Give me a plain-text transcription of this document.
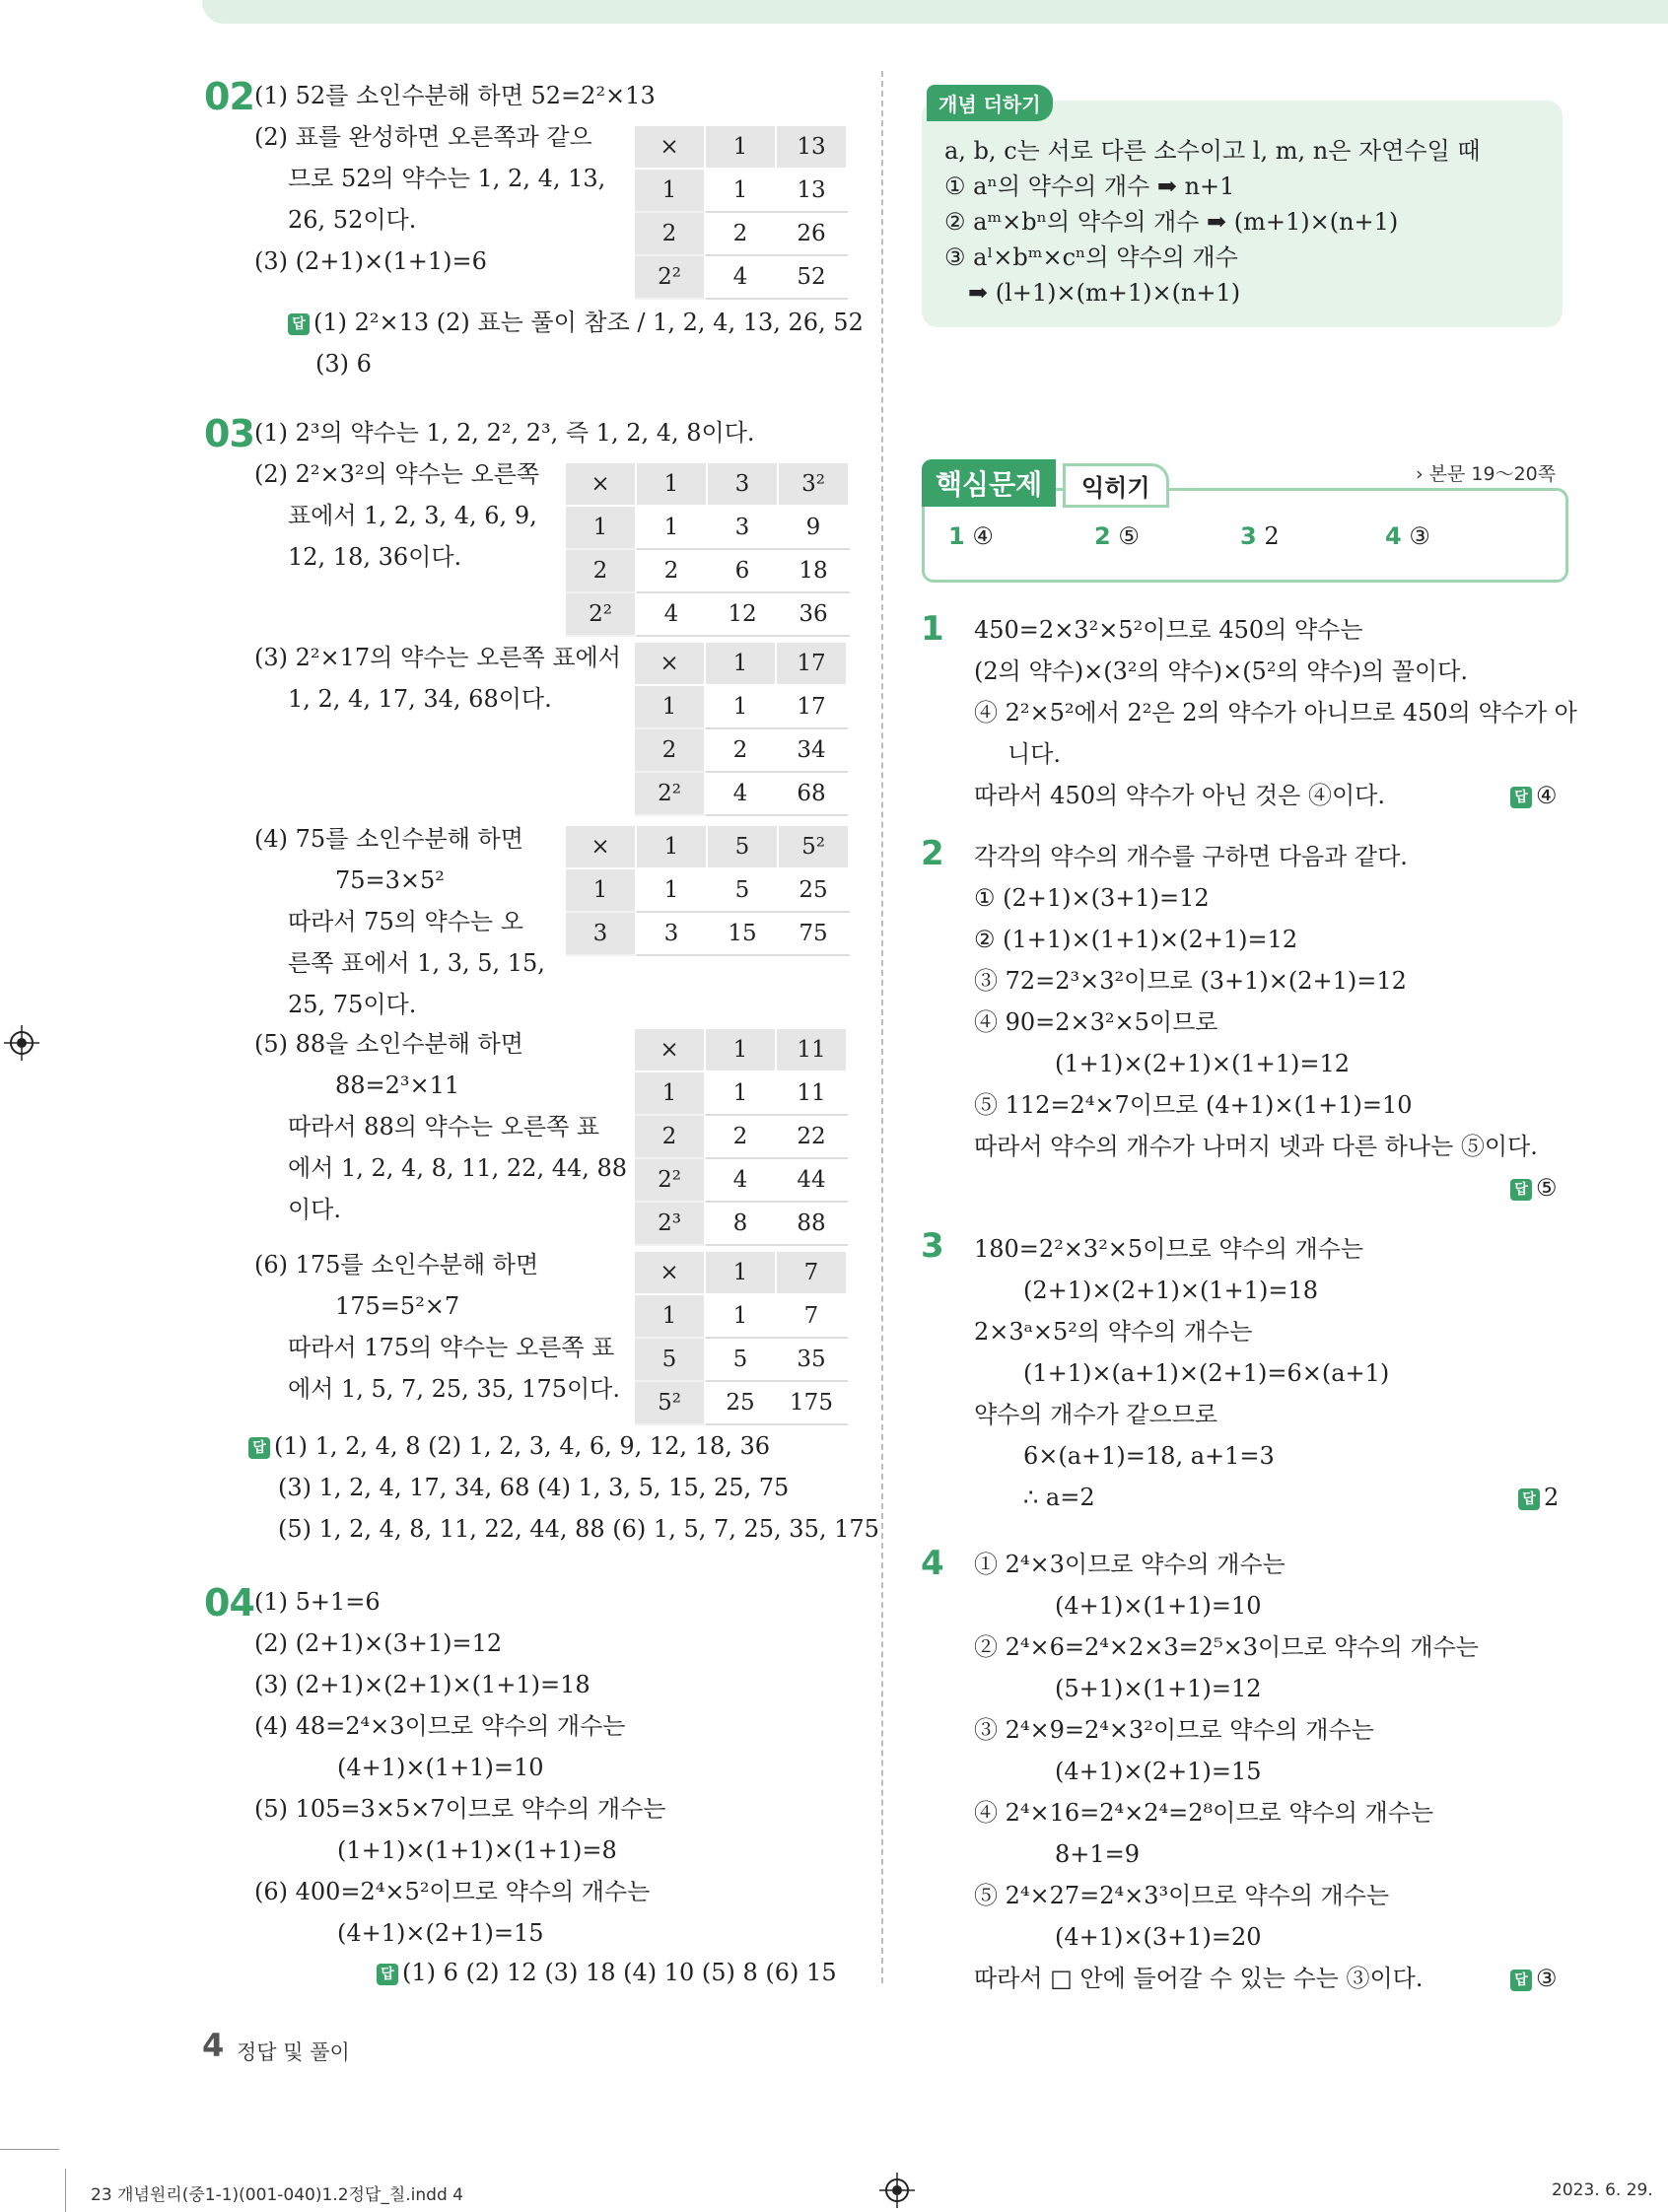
02 (1) 52를 소인수분해 하면 52=2²×13
(2) 표를 완성하면 오른쪽과 같으
므로 52의 약수는 1, 2, 4, 13,
26, 52이다.
(3) (2+1)×(1+1)=6
×	1	13
1	1	13
2	2	26
2²	4	52
답 (1) 2²×13 (2) 표는 풀이 참조 / 1, 2, 4, 13, 26, 52
(3) 6
03 (1) 2³의 약수는 1, 2, 2², 2³, 즉 1, 2, 4, 8이다.
(2) 2²×3²의 약수는 오른쪽
표에서 1, 2, 3, 4, 6, 9,
12, 18, 36이다.
×	1	3	3²
1	1	3	9
2	2	6	18
2²	4	12	36
(3) 2²×17의 약수는 오른쪽 표에서
1, 2, 4, 17, 34, 68이다.
×	1	17
1	1	17
2	2	34
2²	4	68
(4) 75를 소인수분해 하면
75=3×5²
따라서 75의 약수는 오
른쪽 표에서 1, 3, 5, 15,
25, 75이다.
×	1	5	5²
1	1	5	25
3	3	15	75
(5) 88을 소인수분해 하면
88=2³×11
따라서 88의 약수는 오른쪽 표
에서 1, 2, 4, 8, 11, 22, 44, 88
이다.
×	1	11
1	1	11
2	2	22
2²	4	44
2³	8	88
(6) 175를 소인수분해 하면
175=5²×7
따라서 175의 약수는 오른쪽 표
에서 1, 5, 7, 25, 35, 175이다.
×	1	7
1	1	7
5	5	35
5²	25	175
답 (1) 1, 2, 4, 8 (2) 1, 2, 3, 4, 6, 9, 12, 18, 36
(3) 1, 2, 4, 17, 34, 68 (4) 1, 3, 5, 15, 25, 75
(5) 1, 2, 4, 8, 11, 22, 44, 88 (6) 1, 5, 7, 25, 35, 175
04 (1) 5+1=6
(2) (2+1)×(3+1)=12
(3) (2+1)×(2+1)×(1+1)=18
(4) 48=2⁴×3이므로 약수의 개수는
(4+1)×(1+1)=10
(5) 105=3×5×7이므로 약수의 개수는
(1+1)×(1+1)×(1+1)=8
(6) 400=2⁴×5²이므로 약수의 개수는
(4+1)×(2+1)=15
답 (1) 6 (2) 12 (3) 18 (4) 10 (5) 8 (6) 15
4 정답 및 풀이
23 개념원리(중1-1)(001-040)1.2정답_칠.indd 4	2023. 6. 29.
개념 더하기
a, b, c는 서로 다른 소수이고 l, m, n은 자연수일 때
① aⁿ의 약수의 개수 ➡ n+1
② aᵐ×bⁿ의 약수의 개수 ➡ (m+1)×(n+1)
③ aˡ×bᵐ×cⁿ의 약수의 개수
➡ (l+1)×(m+1)×(n+1)
핵심문제	익히기	› 본문 19～20쪽
1 ④	2 ⑤	3 2	4 ③
1 450=2×3²×5²이므로 450의 약수는
(2의 약수)×(3²의 약수)×(5²의 약수)의 꼴이다.
④ 2²×5²에서 2²은 2의 약수가 아니므로 450의 약수가 아
니다.
따라서 450의 약수가 아닌 것은 ④이다.	답 ④
2 각각의 약수의 개수를 구하면 다음과 같다.
① (2+1)×(3+1)=12
② (1+1)×(1+1)×(2+1)=12
③ 72=2³×3²이므로 (3+1)×(2+1)=12
④ 90=2×3²×5이므로
(1+1)×(2+1)×(1+1)=12
⑤ 112=2⁴×7이므로 (4+1)×(1+1)=10
따라서 약수의 개수가 나머지 넷과 다른 하나는 ⑤이다.
답 ⑤
3 180=2²×3²×5이므로 약수의 개수는
(2+1)×(2+1)×(1+1)=18
2×3ᵃ×5²의 약수의 개수는
(1+1)×(a+1)×(2+1)=6×(a+1)
약수의 개수가 같으므로
6×(a+1)=18, a+1=3
∴ a=2	답 2
4 ① 2⁴×3이므로 약수의 개수는
(4+1)×(1+1)=10
② 2⁴×6=2⁴×2×3=2⁵×3이므로 약수의 개수는
(5+1)×(1+1)=12
③ 2⁴×9=2⁴×3²이므로 약수의 개수는
(4+1)×(2+1)=15
④ 2⁴×16=2⁴×2⁴=2⁸이므로 약수의 개수는
8+1=9
⑤ 2⁴×27=2⁴×3³이므로 약수의 개수는
(4+1)×(3+1)=20
따라서 □ 안에 들어갈 수 있는 수는 ③이다.	답 ③
